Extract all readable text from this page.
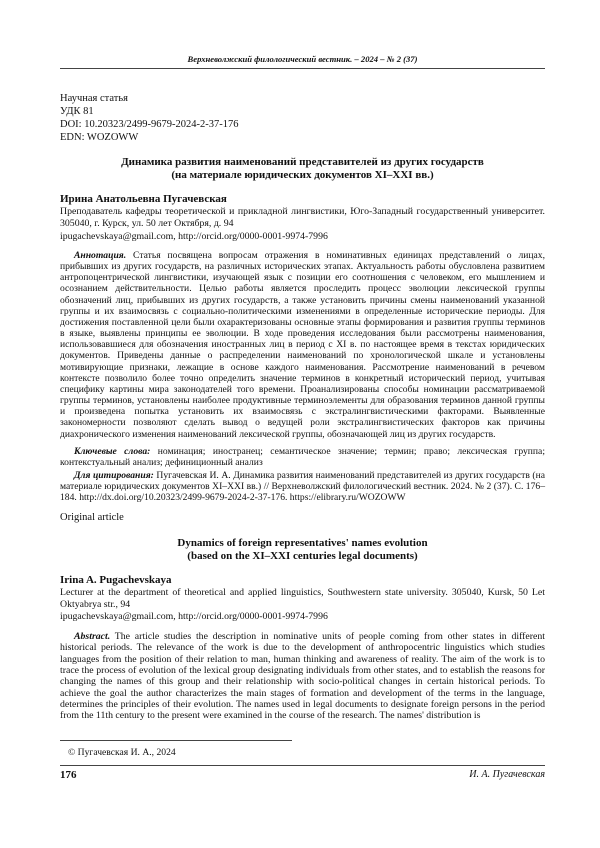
Верхневолжский филологический вестник. – 2024 – № 2 (37)
Научная статья
УДК 81
DOI: 10.20323/2499-9679-2024-2-37-176
EDN: WOZOWW
Динамика развития наименований представителей из других государств
(на материале юридических документов XI–XXI вв.)
Ирина Анатольевна Пугачевская
Преподаватель кафедры теоретической и прикладной лингвистики, Юго-Западный государственный университет. 305040, г. Курск, ул. 50 лет Октября, д. 94
ipugachevskaya@gmail.com, http://orcid.org/0000-0001-9974-7996
Аннотация. Статья посвящена вопросам отражения в номинативных единицах представлений о лицах, прибывших из других государств, на различных исторических этапах. Актуальность работы обусловлена развитием антропоцентрической лингвистики, изучающей язык с позиции его соотношения с человеком, его мышлением и осознанием действительности. Целью работы является проследить процесс эволюции лексической группы обозначений лиц, прибывших из других государств, а также установить причины смены наименований указанной группы и их взаимосвязь с социально-политическими изменениями в определенные исторические периоды. Для достижения поставленной цели были охарактеризованы основные этапы формирования и развития группы терминов в языке, выявлены принципы ее эволюции. В ходе проведения исследования были рассмотрены наименования, использовавшиеся для обозначения иностранных лиц в период с XI в. по настоящее время в текстах юридических документов. Приведены данные о распределении наименований по хронологической шкале и установлены мотивирующие признаки, лежащие в основе каждого наименования. Рассмотрение наименований в речевом контексте позволило более точно определить значение терминов в конкретный исторический период, учитывая специфику картины мира законодателей того времени. Проанализированы способы номинации рассматриваемой группы терминов, установлены наиболее продуктивные терминоэлементы для образования терминов данной группы и произведена попытка установить их взаимосвязь с экстралингвистическими факторами. Выявленные закономерности позволяют сделать вывод о ведущей роли экстралингвистических факторов как причины диахронического изменения наименований лексической группы, обозначающей лиц из других государств.
Ключевые слова: номинация; иностранец; семантическое значение; термин; право; лексическая группа; контекстуальный анализ; дефиниционный анализ
Для цитирования: Пугачевская И. А. Динамика развития наименований представителей из других государств (на материале юридических документов XI–XXI вв.) // Верхневолжский филологический вестник. 2024. № 2 (37). С. 176–184. http://dx.doi.org/10.20323/2499-9679-2024-2-37-176. https://elibrary.ru/WOZOWW
Original article
Dynamics of foreign representatives' names evolution
(based on the XI–XXI centuries legal documents)
Irina A. Pugachevskaya
Lecturer at the department of theoretical and applied linguistics, Southwestern state university. 305040, Kursk, 50 Let Oktyabrya str., 94
ipugachevskaya@gmail.com, http://orcid.org/0000-0001-9974-7996
Abstract. The article studies the description in nominative units of people coming from other states in different historical periods. The relevance of the work is due to the development of anthropocentric linguistics which studies languages from the position of their relation to man, human thinking and awareness of reality. The aim of the work is to trace the process of evolution of the lexical group designating individuals from other states, and to establish the reasons for changing the names of this group and their relationship with socio-political changes in certain historical periods. To achieve the goal the author characterizes the main stages of formation and development of the terms in the language, determines the principles of their evolution. The names used in legal documents to designate foreign persons in the period from the 11th century to the present were examined in the course of the research. The names' distribution is
© Пугачевская И. А., 2024
176	И. А. Пугачевская
